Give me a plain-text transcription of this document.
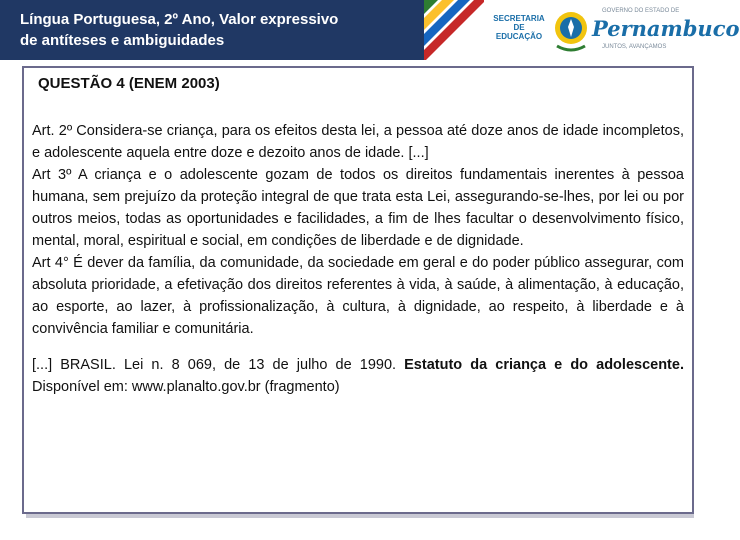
Língua Portuguesa, 2º Ano, Valor expressivo
de antíteses e ambiguidades
SECRETARIA
DE EDUCAÇÃO
GOVERNO DO ESTADO DE
Pernambuco
JUNTOS, AVANÇAMOS
QUESTÃO 4 (ENEM 2003)

Art. 2º Considera-se criança, para os efeitos desta lei, a pessoa até doze anos de idade incompletos, e adolescente aquela entre doze e dezoito anos de idade. [...]

Art 3º A criança e o adolescente gozam de todos os direitos fundamentais inerentes à pessoa humana, sem prejuízo da proteção integral de que trata esta Lei, assegurando-se-lhes, por lei ou por outros meios, todas as oportunidades e facilidades, a fim de lhes facultar o desenvolvimento físico, mental, moral, espiritual e social, em condições de liberdade e de dignidade.

Art 4° É dever da família, da comunidade, da sociedade em geral e do poder público assegurar, com absoluta prioridade, a efetivação dos direitos referentes à vida, à saúde, à alimentação, à educação, ao esporte, ao lazer, à profissionalização, à cultura, à dignidade, ao respeito, à liberdade e à convivência familiar e comunitária.

[...] BRASIL. Lei n. 8 069, de 13 de julho de 1990. Estatuto da criança e do adolescente. Disponível em: www.planalto.gov.br (fragmento)
